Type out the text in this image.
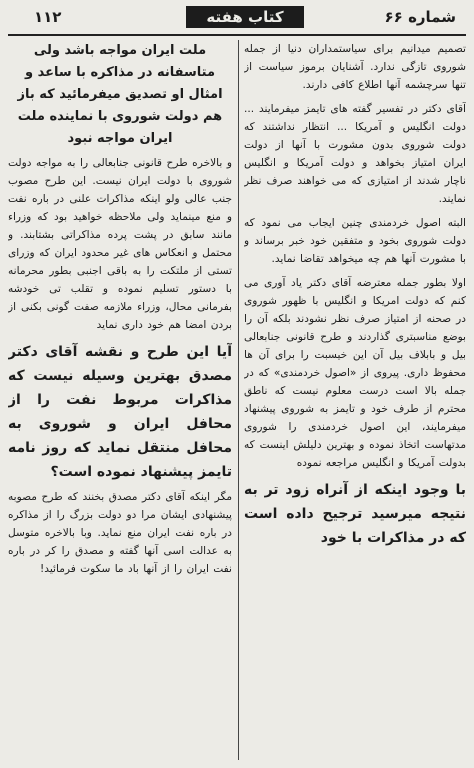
۱۱۲	کتاب هفته	شماره ۶۶

تصمیم میدانیم برای سیاستمداران دنیا از جمله شوروی تازگی ندارد. آشنایان برموز سیاست از تنها سرچشمه آنها اطلاع کافی دارند.

آقای دکتر در تفسیر گفته های تایمز میفرمایند ... دولت انگلیس و آمریکا ... انتظار نداشتند که دولت شوروی بدون مشورت با آنها از دولت ایران امتیاز بخواهد و دولت آمریکا و انگلیس ناچار شدند از امتیازی که می خواهند صرف نظر نمایند.

البته اصول خردمندی چنین ایجاب می نمود که دولت شوروی بخود و متفقین خود خبر برساند و با مشورت آنها هم چه میخواهد تقاضا نماید.

اولا بطور جمله معترضه آقای دکتر یاد آوری می کنم که دولت امریکا و انگلیس با ظهور شوروی در صحنه از امتیاز صرف نظر نشودند بلکه آن را بوضع مناسبتری گذاردند و طرح قانونی جنابعالی بیل و بابلاف بیل آن این خیسبت را برای آن ها محفوظ داری. پیروی از «اصول خردمندی» که در جمله بالا است درست معلوم نیست که ناطق محترم از طرف خود و تایمز به شوروی پیشنهاد میفرمایند، این اصول خردمندی را شوروی مدتهاست اتخاذ نموده و بهترین دلیلش اینست که بدولت آمریکا و انگلیس مراجعه نموده

با وجود اینکه از آنراه زود تر به نتیجه میرسید ترجیح داده است که در مذاکرات با خود

ملت ایران مواجه باشد ولی متاسفانه در مذاکره با ساعد و امثال او تصدیق میفرمائید که باز هم دولت شوروی با نماینده ملت ایران مواجه نبود

و بالاخره طرح قانونی جنابعالی را به مواجه دولت شوروی با دولت ایران نیست. این طرح مصوب جنب عالی ولو اینکه مذاکرات علنی در باره نفت و منع مینماید ولی ملاحظه خواهید بود که وزراء مانند سابق در پشت پرده مذاکراتی بشتابند. و محتمل و انعکاس های غیر محدود ایران که وزرای تستی از ملتکت را به باقی اجنبی بطور محرمانه با دستور تسلیم نموده و تقلب تی خودشه بفرمانی محال، وزراء ملازمه صفت گونی بکنی از بردن امضا هم خود داری نماید

آیا این طرح و نقشه آقای دکتر مصدق بهترین وسیله نیست که مذاکرات مربوط نفت را از محافل ایران و شوروی به محافل منتقل نماید که روز نامه تایمز پیشنهاد نموده است؟

مگر اینکه آقای دکتر مصدق بخنند که طرح مصوبه پیشنهادی ایشان مرا دو دولت بزرگ را از مذاکره در باره نفت ایران منع نماید. وبا بالاخره متوسل به عدالت اسی آنها گفته و مصدق را کر در باره نفت ایران را از آنها باد ما سکوت فرمائید!
